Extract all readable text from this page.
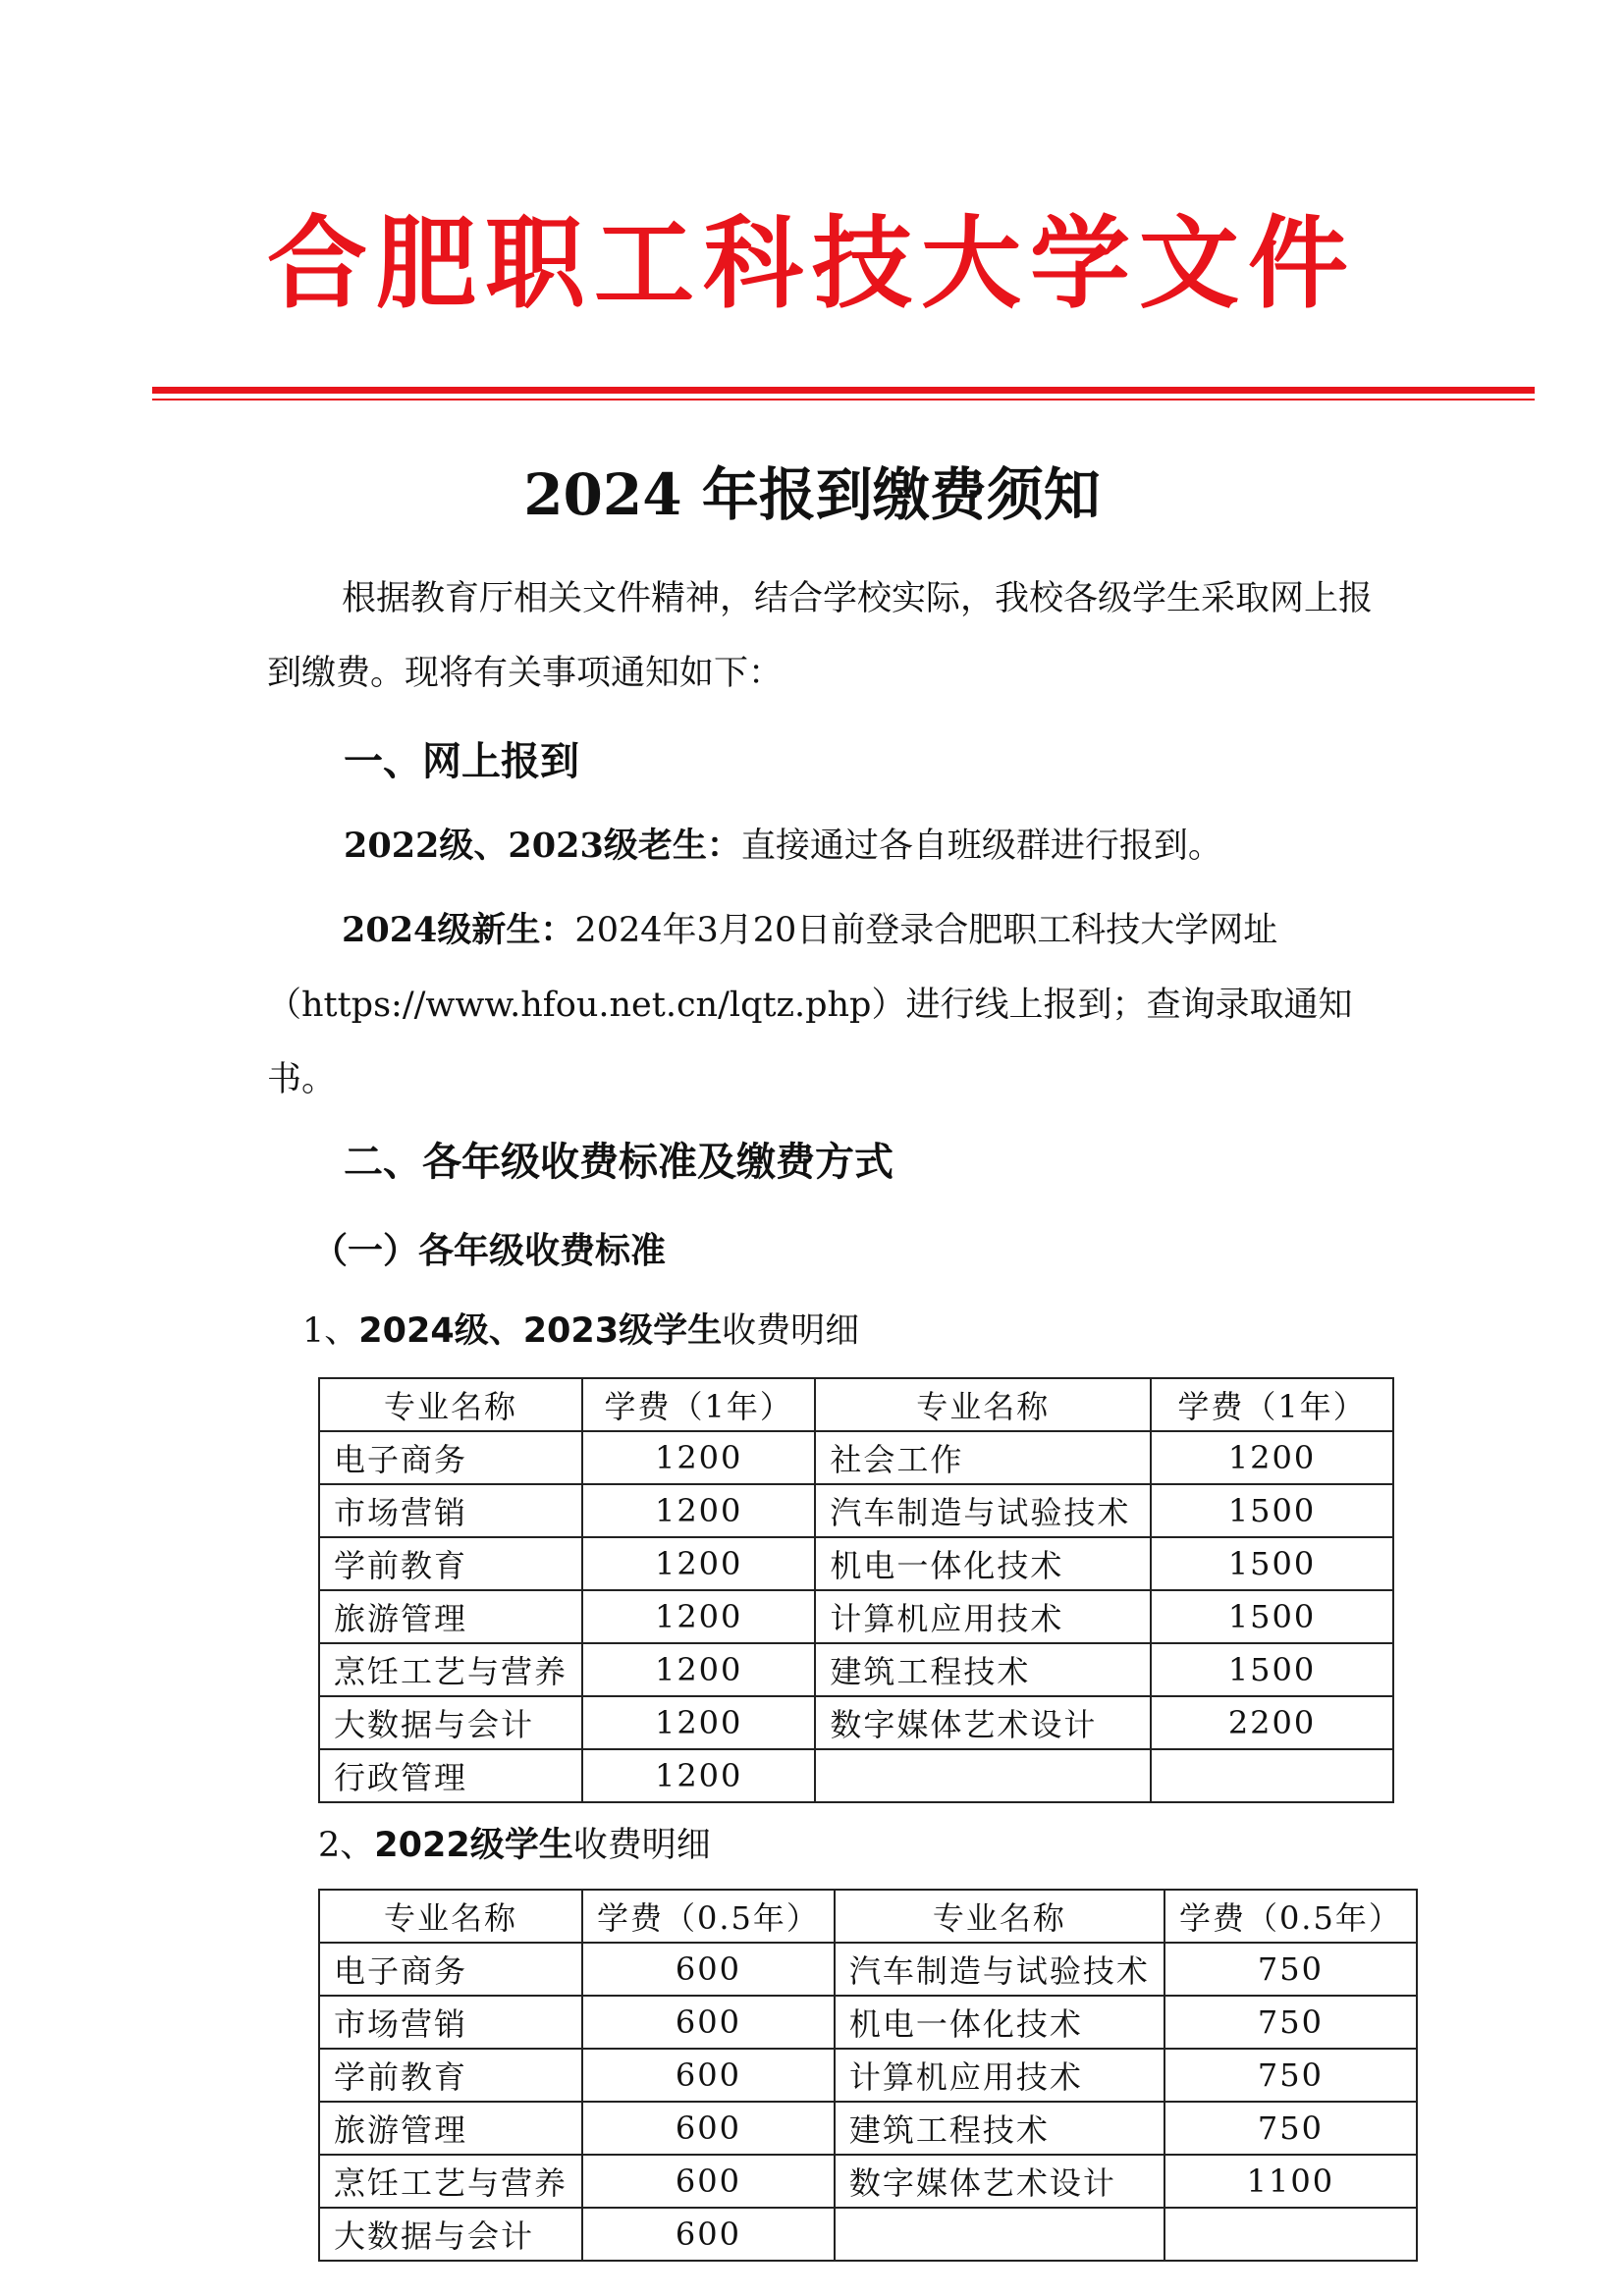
合肥职工科技大学文件
2024 年报到缴费须知
根据教育厅相关文件精神，结合学校实际，我校各级学生采取网上报到缴费。现将有关事项通知如下：
一、网上报到
2022级、2023级老生：直接通过各自班级群进行报到。
2024级新生：2024年3月20日前登录合肥职工科技大学网址（https://www.hfou.net.cn/lqtz.php）进行线上报到；查询录取通知书。
二、各年级收费标准及缴费方式
（一）各年级收费标准
1、2024级、2023级学生收费明细
专业名称	学费（1年）	专业名称	学费（1年）
电子商务	1200	社会工作	1200
市场营销	1200	汽车制造与试验技术	1500
学前教育	1200	机电一体化技术	1500
旅游管理	1200	计算机应用技术	1500
烹饪工艺与营养	1200	建筑工程技术	1500
大数据与会计	1200	数字媒体艺术设计	2200
行政管理	1200		
2、2022级学生收费明细
专业名称	学费（0.5年）	专业名称	学费（0.5年）
电子商务	600	汽车制造与试验技术	750
市场营销	600	机电一体化技术	750
学前教育	600	计算机应用技术	750
旅游管理	600	建筑工程技术	750
烹饪工艺与营养	600	数字媒体艺术设计	1100
大数据与会计	600		
